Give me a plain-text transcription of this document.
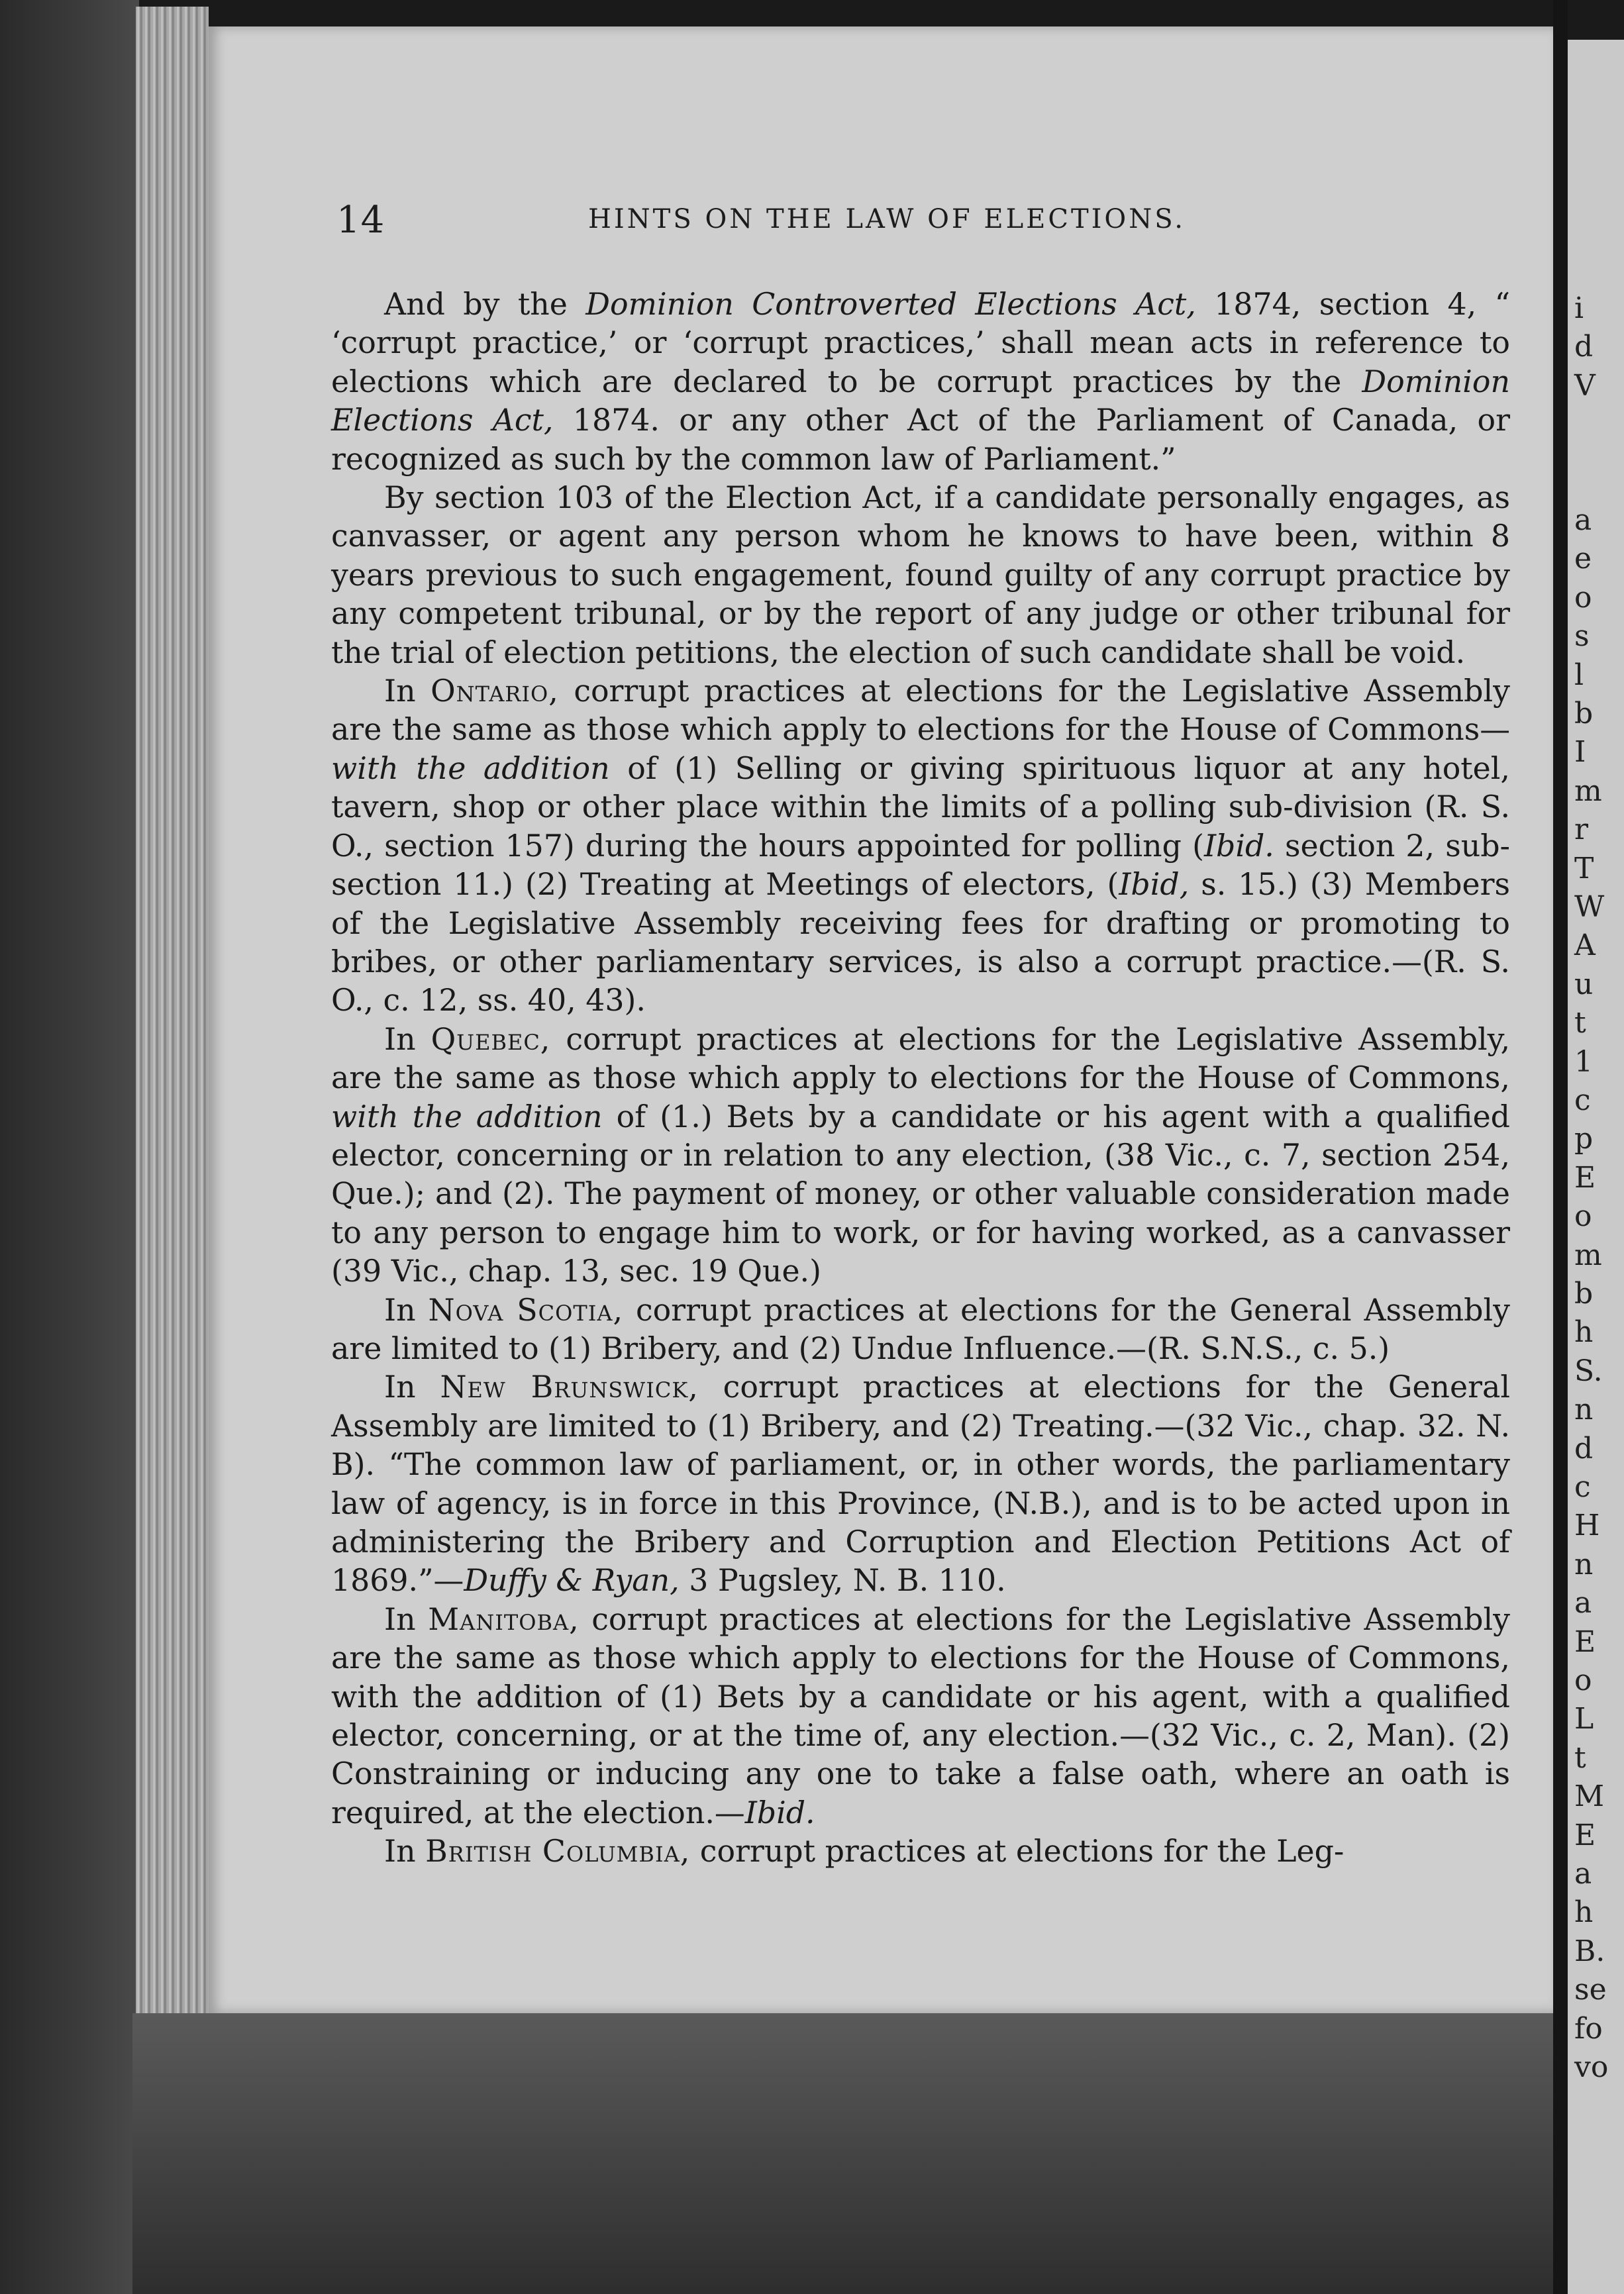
14	HINTS ON THE LAW OF ELECTIONS.

And by the Dominion Controverted Elections Act, 1874, section 4, “ ‘corrupt practice,’ or ‘corrupt practices,’ shall mean acts in reference to elections which are declared to be corrupt practices by the Dominion Elections Act, 1874. or any other Act of the Parliament of Canada, or recognized as such by the common law of Parliament.”

By section 103 of the Election Act, if a candidate personally engages, as canvasser, or agent any person whom he knows to have been, within 8 years previous to such engagement, found guilty of any corrupt practice by any competent tribunal, or by the report of any judge or other tribunal for the trial of election petitions, the election of such candidate shall be void.

In Ontario, corrupt practices at elections for the Legislative Assembly are the same as those which apply to elections for the House of Commons—with the addition of (1) Selling or giving spirituous liquor at any hotel, tavern, shop or other place within the limits of a polling sub-division (R. S. O., section 157) during the hours appointed for polling (Ibid. section 2, sub-section 11.) (2) Treating at Meetings of electors, (Ibid, s. 15.) (3) Members of the Legislative Assembly receiving fees for drafting or promoting to bribes, or other parliamentary services, is also a corrupt practice.—(R. S. O., c. 12, ss. 40, 43).

In Quebec, corrupt practices at elections for the Legislative Assembly, are the same as those which apply to elections for the House of Commons, with the addition of (1.) Bets by a candidate or his agent with a qualified elector, concerning or in relation to any election, (38 Vic., c. 7, section 254, Que.); and (2). The payment of money, or other valuable consideration made to any person to engage him to work, or for having worked, as a canvasser (39 Vic., chap. 13, sec. 19 Que.)

In Nova Scotia, corrupt practices at elections for the General Assembly are limited to (1) Bribery, and (2) Undue Influence.—(R. S.N.S., c. 5.)

In New Brunswick, corrupt practices at elections for the General Assembly are limited to (1) Bribery, and (2) Treating.—(32 Vic., chap. 32. N. B). “The common law of parliament, or, in other words, the parliamentary law of agency, is in force in this Province, (N.B.), and is to be acted upon in administering the Bribery and Corruption and Election Petitions Act of 1869.”—Duffy & Ryan, 3 Pugsley, N. B. 110.

In Manitoba, corrupt practices at elections for the Legislative Assembly are the same as those which apply to elections for the House of Commons, with the addition of (1) Bets by a candidate or his agent, with a qualified elector, concerning, or at the time of, any election.—(32 Vic., c. 2, Man). (2) Constraining or inducing any one to take a false oath, where an oath is required, at the election.—Ibid.

In British Columbia, corrupt practices at elections for the Leg-

i
d
V
a
e
o
s
l
b
I
m
r
T
W
A
u
t
1
c
p
E
o
m
b
h
S.
n
d
c
H
n
a
E
o
L
t
M
E
a
h
B.
se
fo
vo
